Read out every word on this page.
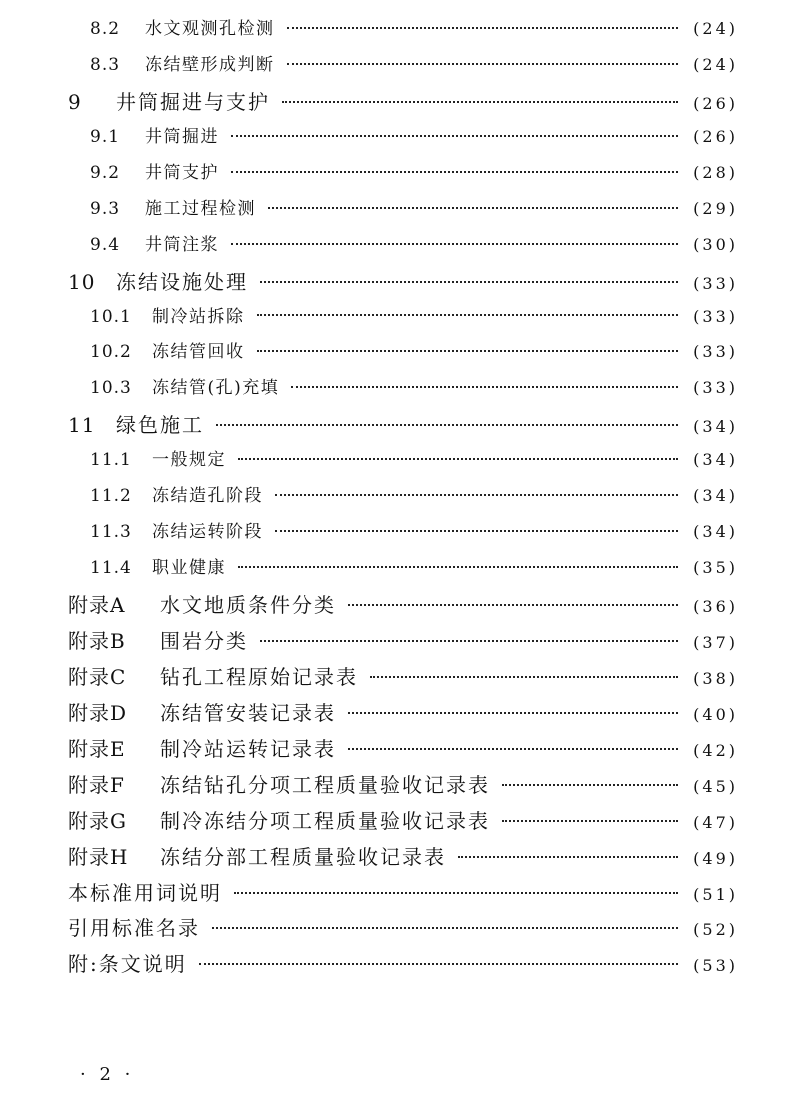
8.2	水文观测孔检测	(24)
8.3	冻结壁形成判断	(24)
9	井筒掘进与支护	(26)
9.1	井筒掘进	(26)
9.2	井筒支护	(28)
9.3	施工过程检测	(29)
9.4	井筒注浆	(30)
10	冻结设施处理	(33)
10.1	制冷站拆除	(33)
10.2	冻结管回收	(33)
10.3	冻结管(孔)充填	(33)
11	绿色施工	(34)
11.1	一般规定	(34)
11.2	冻结造孔阶段	(34)
11.3	冻结运转阶段	(34)
11.4	职业健康	(35)
附录A	水文地质条件分类	(36)
附录B	围岩分类	(37)
附录C	钻孔工程原始记录表	(38)
附录D	冻结管安装记录表	(40)
附录E	制冷站运转记录表	(42)
附录F	冻结钻孔分项工程质量验收记录表	(45)
附录G	制冷冻结分项工程质量验收记录表	(47)
附录H	冻结分部工程质量验收记录表	(49)
本标准用词说明	(51)
引用标准名录	(52)
附:条文说明	(53)
· 2 ·
